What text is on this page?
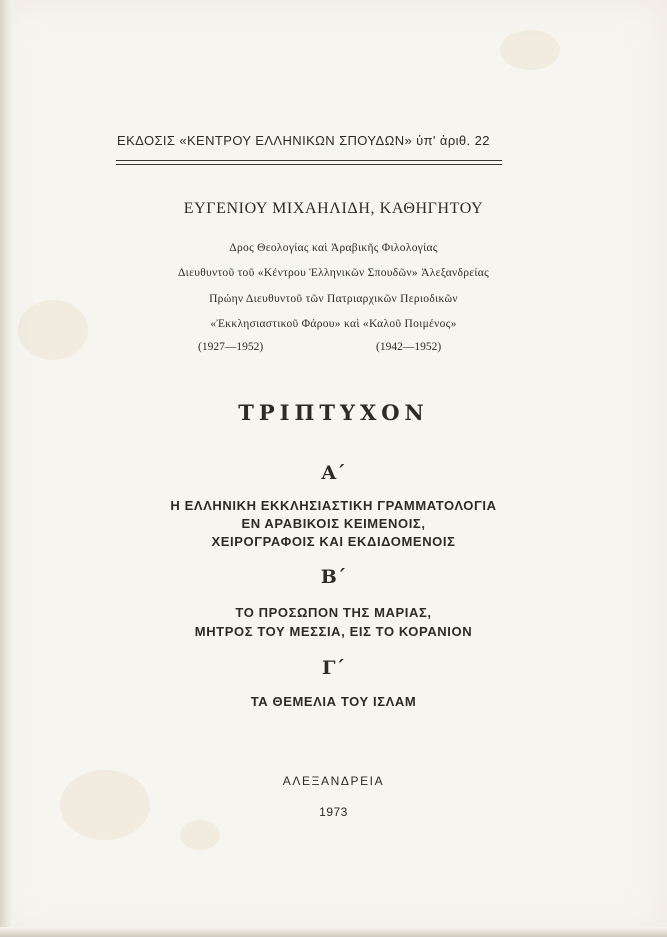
ΕΚΔΟΣΙΣ «ΚΕΝΤΡΟΥ ΕΛΛΗΝΙΚΩΝ ΣΠΟΥΔΩΝ» ὑπ' ἀριθ. 22
ΕΥΓΕΝΙΟΥ ΜΙΧΑΗΛΙΔΗ, ΚΑΘΗΓΗΤΟΥ
Δρος Θεολογίας καὶ Ἀραβικῆς Φιλολογίας
Διευθυντοῦ τοῦ «Κέντρου Ἑλληνικῶν Σπουδῶν» Ἀλεξανδρείας
Πρώην Διευθυντοῦ τῶν Πατριαρχικῶν Περιοδικῶν
«Ἐκκλησιαστικοῦ Φάρου» καὶ «Καλοῦ Ποιμένος»
(1927—1952)	(1942—1952)
ΤΡΙΠΤΥΧΟΝ
Α΄
Η ΕΛΛΗΝΙΚΗ ΕΚΚΛΗΣΙΑΣΤΙΚΗ ΓΡΑΜΜΑΤΟΛΟΓΙΑ
ΕΝ ΑΡΑΒΙΚΟΙΣ ΚΕΙΜΕΝΟΙΣ,
ΧΕΙΡΟΓΡΑΦΟΙΣ ΚΑΙ ΕΚΔΙΔΟΜΕΝΟΙΣ
Β΄
ΤΟ ΠΡΟΣΩΠΟΝ ΤΗΣ ΜΑΡΙΑΣ,
ΜΗΤΡΟΣ ΤΟΥ ΜΕΣΣΙΑ, ΕΙΣ ΤΟ ΚΟΡΑΝΙΟΝ
Γ΄
ΤΑ ΘΕΜΕΛΙΑ ΤΟΥ ΙΣΛΑΜ
ΑΛΕΞΑΝΔΡΕΙΑ
1973
